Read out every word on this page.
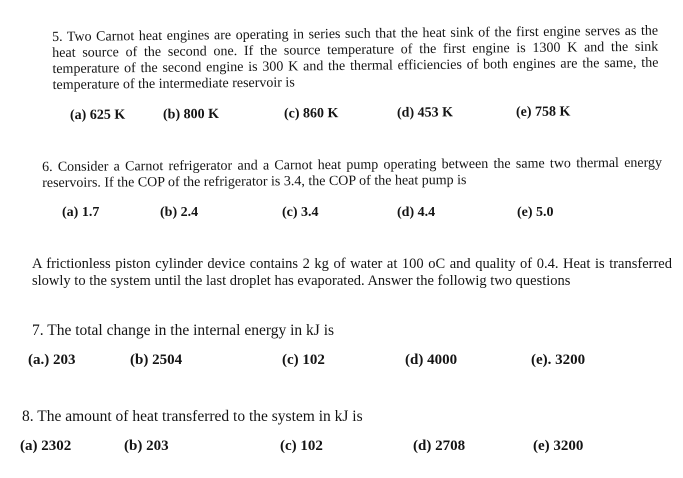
5. Two Carnot heat engines are operating in series such that the heat sink of the first engine serves as the heat source of the second one. If the source temperature of the first engine is 1300 K and the sink temperature of the second engine is 300 K and the thermal efficiencies of both engines are the same, the temperature of the intermediate reservoir is
(a) 625 K	(b) 800 K	(c) 860 K	(d) 453 K	(e) 758 K
6. Consider a Carnot refrigerator and a Carnot heat pump operating between the same two thermal energy reservoirs. If the COP of the refrigerator is 3.4, the COP of the heat pump is
(a) 1.7	(b) 2.4	(c) 3.4	(d) 4.4	(e) 5.0
A frictionless piston cylinder device contains 2 kg of water at 100 oC and quality of 0.4. Heat is transferred slowly to the system until the last droplet has evaporated. Answer the followig two questions
7. The total change in the internal energy in kJ is
(a.) 203	(b) 2504	(c) 102	(d) 4000	(e). 3200
8. The amount of heat transferred to the system in kJ is
(a) 2302	(b) 203	(c) 102	(d) 2708	(e) 3200
